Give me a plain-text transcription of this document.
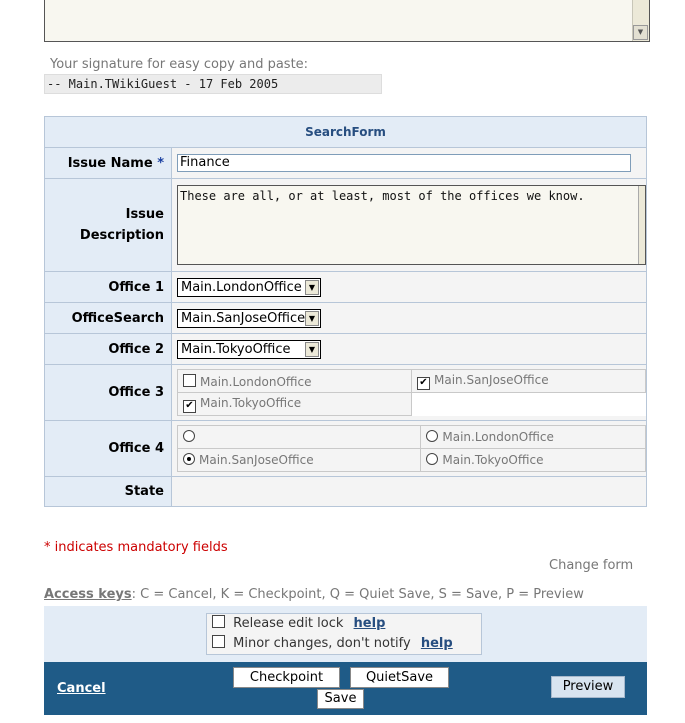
▼
Your signature for easy copy and paste:
-- Main.TWikiGuest - 17 Feb 2005
SearchForm
Issue Name *	Finance

Issue
Description	
These are all, or at least, most of the offices we know.

Office 1	Main.LondonOffice ▼

OfficeSearch	Main.SanJoseOffice ▼

Office 2	Main.TokyoOffice	▼

Office 3	
Main.LondonOffice	✔ Main.SanJoseOffice
✔ Main.TokyoOffice	

Office 4	
	Main.LondonOffice
Main.SanJoseOffice	Main.TokyoOffice

State	
* indicates mandatory fields
Change form
Access keys: C = Cancel, K = Checkpoint, Q = Quiet Save, S = Save, P = Preview
Release edit lock help
Minor changes, don't notify help
Cancel
Checkpoint	QuietSave
Save
Preview
